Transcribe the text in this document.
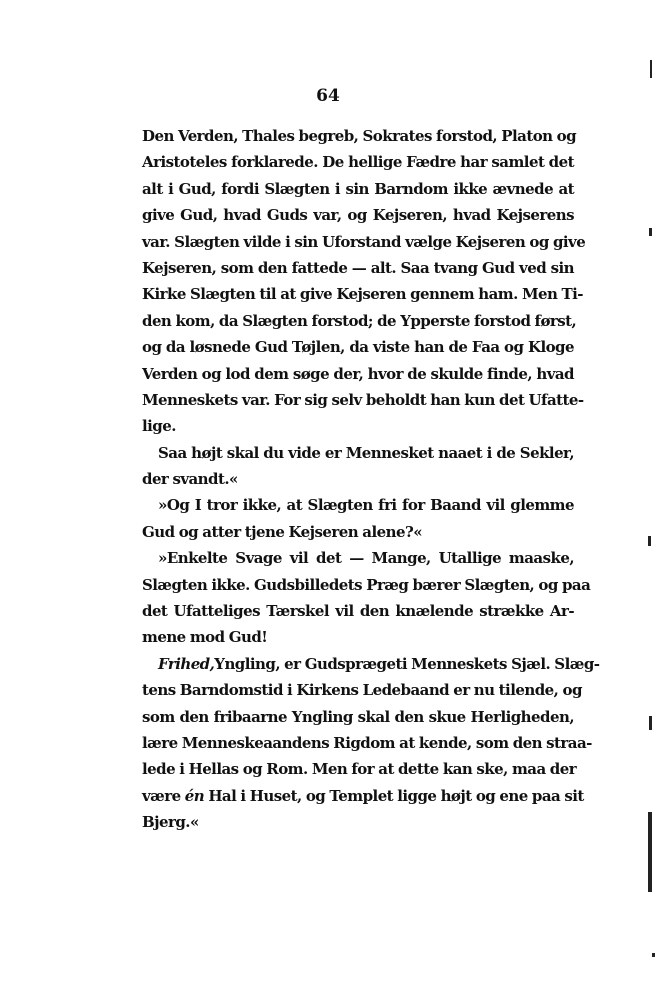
64
Den Verden, Thales begreb, Sokrates forstod, Platon og
Aristoteles forklarede. De hellige Fædre har samlet det
alt i Gud, fordi Slægten i sin Barndom ikke ævnede at
give Gud, hvad Guds var, og Kejseren, hvad Kejserens
var. Slægten vilde i sin Uforstand vælge Kejseren og give
Kejseren, som den fattede — alt. Saa tvang Gud ved sin
Kirke Slægten til at give Kejseren gennem ham. Men Ti-
den kom, da Slægten forstod; de Ypperste forstod først,
og da løsnede Gud Tøjlen, da viste han de Faa og Kloge
Verden og lod dem søge der, hvor de skulde finde, hvad
Menneskets var. For sig selv beholdt han kun det Ufatte-
lige.
Saa højt skal du vide er Mennesket naaet i de Sekler,
der svandt.«
»Og I tror ikke, at Slægten fri for Baand vil glemme
Gud og atter tjene Kejseren alene?«
»Enkelte Svage vil det — Mange, Utallige maaske,
Slægten ikke. Gudsbilledets Præg bærer Slægten, og paa
det Ufatteliges Tærskel vil den knælende strække Ar-
mene mod Gud!
Frihed,Yngling, er Gudsprægeti Menneskets Sjæl. Slæg-
tens Barndomstid i Kirkens Ledebaand er nu tilende, og
som den fribaarne Yngling skal den skue Herligheden,
lære Menneskeaandens Rigdom at kende, som den straa-
lede i Hellas og Rom. Men for at dette kan ske, maa der
være én Hal i Huset, og Templet ligge højt og ene paa sit
Bjerg.«
